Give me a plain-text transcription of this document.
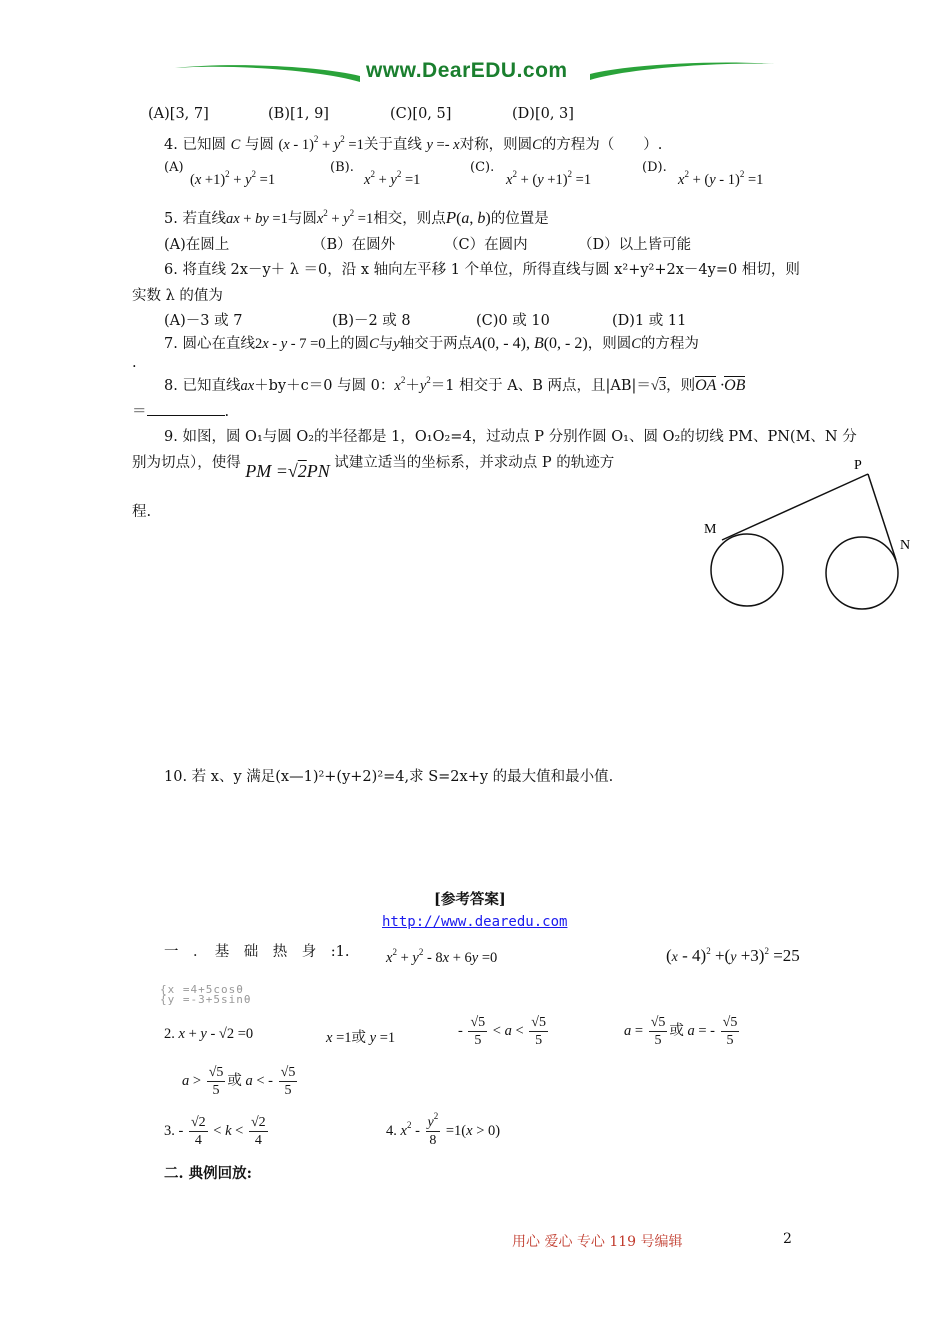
www.DearEDU.com
(A)[3, 7]	(B)[1, 9]	(C)[0, 5]	(D)[0, 3]
4. 已知圆 C 与圆 $(x - 1)^2 + y^2 =1$关于直线 y =- x对称，则圆C的方程为（　　）.
(A)
$(x +1)^2 + y^2 =1$
(B).
$x^2 + y^2 =1$
(C).
$x^2 + (y +1)^2 =1$
(D).
$x^2 + (y - 1)^2 =1$
5. 若直线ax + by =1与圆$x^2 + y^2 =1$相交，则点P(a, b)的位置是
(A)在圆上	（B）在圆外	（C）在圆内	（D）以上皆可能
6. 将直线 2x－y＋ λ ＝0，沿 x 轴向左平移 1 个单位，所得直线与圆 x²+y²+2x－4y=0 相切，则
实数 λ 的值为
(A)－3 或 7	(B)－2 或 8	(C)0 或 10	(D)1 或 11
7. 圆心在直线2x - y - 7 =0上的圆C与y轴交于两点A(0, - 4), B(0, - 2)，则圆C的方程为
.
8. 已知直线ax＋by＋c＝0 与圆 0：$x^2+y^2=1$ 相交于 A、B 两点，且|AB|＝√3，则OA ·OB
＝	.
9. 如图，圆 O₁与圆 O₂的半径都是 1，O₁O₂=4，过动点 P 分别作圆 O₁、圆 O₂的切线 PM、PN(M、N 分
别为切点），使得 PM =√2PN 试建立适当的坐标系，并求动点 P 的轨迹方
程.
P
M
N
10. 若 x、y 满足(x—1)²+(y+2)²=4,求 S=2x+y 的最大值和最小值.
[参考答案]
http://www.dearedu.com
一　．　基　础　热　身　:1.	$x^2 + y^2 - 8x + 6y =0$	$(x - 4)^2 +(y +3)^2 =25$
{x =4+5cosθ
{y =-3+5sinθ
2. x + y - √2 =0	x =1或 y =1	- $\frac{√5}{5} < a < \frac{√5}{5}$	$a = \frac{√5}{5}$ 或 a = - $\frac{√5}{5}$
$a > \frac{√5}{5}$ 或 a < - $\frac{√5}{5}$
3. - $\frac{√2}{4} < k < \frac{√2}{4}$	4. $x^2 - \frac{y^2}{8} =1(x > 0)$
二. 典例回放:
用心 爱心 专心 119 号编辑	2
